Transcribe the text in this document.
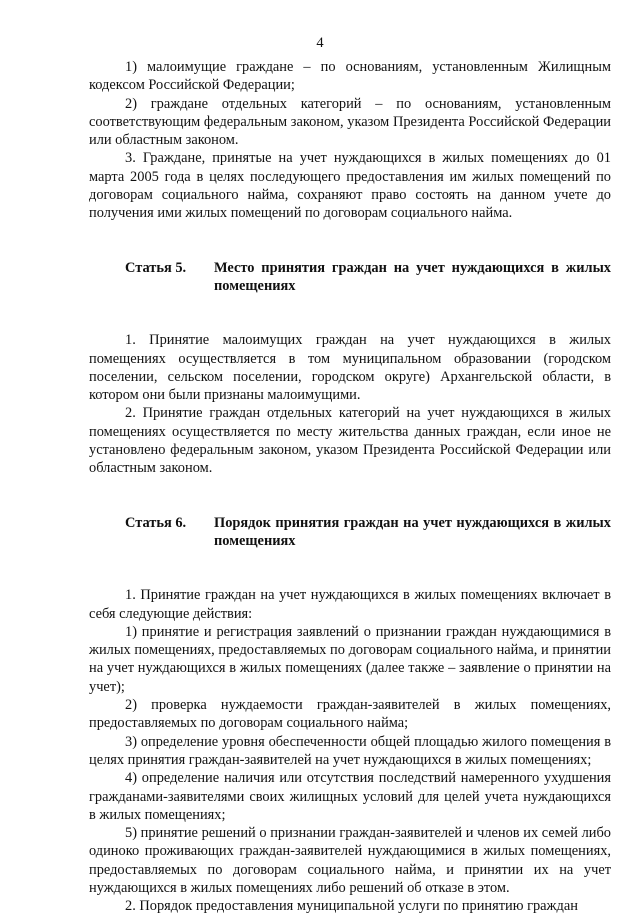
4

1) малоимущие граждане – по основаниям, установленным Жилищным кодексом Российской Федерации;

2) граждане отдельных категорий – по основаниям, установленным соответствующим федеральным законом, указом Президента Российской Федерации или областным законом.

3. Граждане, принятые на учет нуждающихся в жилых помещениях до 01 марта 2005 года в целях последующего предоставления им жилых помещений по договорам социального найма, сохраняют право состоять на данном учете до получения ими жилых помещений по договорам социального найма.

Статья 5.	Место принятия граждан на учет нуждающихся в жилых помещениях

1. Принятие малоимущих граждан на учет нуждающихся в жилых помещениях осуществляется в том муниципальном образовании (городском поселении, сельском поселении, городском округе) Архангельской области, в котором они были признаны малоимущими.

2. Принятие граждан отдельных категорий на учет нуждающихся в жилых помещениях осуществляется по месту жительства данных граждан, если иное не установлено федеральным законом, указом Президента Российской Федерации или областным законом.

Статья 6.	Порядок принятия граждан на учет нуждающихся в жилых помещениях

1. Принятие граждан на учет нуждающихся в жилых помещениях включает в себя следующие действия:

1) принятие и регистрация заявлений о признании граждан нуждающимися в жилых помещениях, предоставляемых по договорам социального найма, и принятии на учет нуждающихся в жилых помещениях (далее также – заявление о принятии на учет);

2) проверка нуждаемости граждан-заявителей в жилых помещениях, предоставляемых по договорам социального найма;

3) определение уровня обеспеченности общей площадью жилого помещения в целях принятия граждан-заявителей на учет нуждающихся в жилых помещениях;

4) определение наличия или отсутствия последствий намеренного ухудшения гражданами-заявителями своих жилищных условий для целей учета нуждающихся в жилых помещениях;

5) принятие решений о признании граждан-заявителей и членов их семей либо одиноко проживающих граждан-заявителей нуждающимися в жилых помещениях, предоставляемых по договорам социального найма, и принятии их на учет нуждающихся в жилых помещениях либо решений об отказе в этом.

2. Порядок предоставления муниципальной услуги по принятию граждан
